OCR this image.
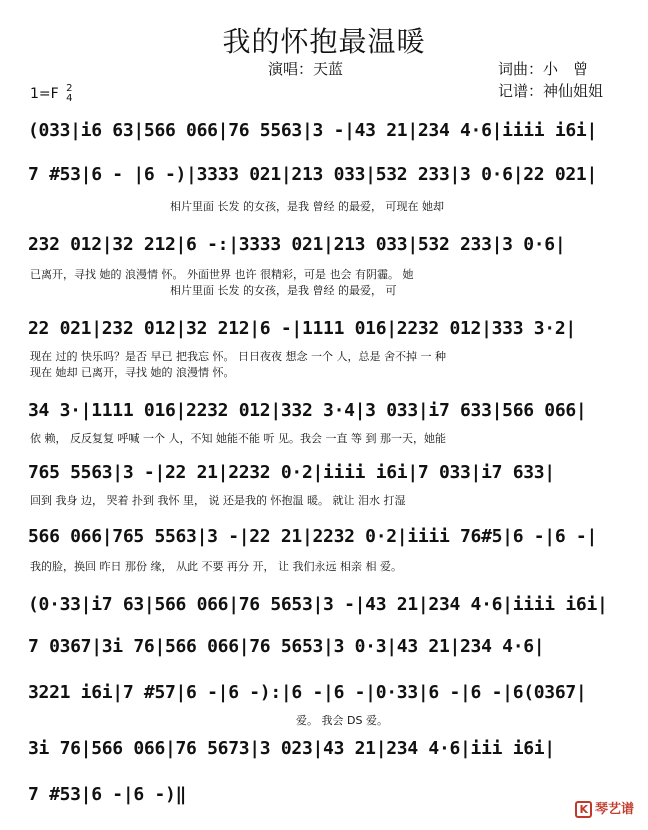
我的怀抱最温暖
演唱：天蓝	词曲：小　曾
记谱：神仙姐姐
1=F 2
4
(033|i6 63|566 066|76 5563|3 -|43 21|234 4·6|iiii i6i|
7 #53|6 - |6 -)|3333 021|213 033|532 233|3 0·6|22 021|
相片里面 长发 的女孩，是我 曾经 的最爱， 可现在 她却
232 012|32 212|6 -:|3333 021|213 033|532 233|3 0·6|
已离开，寻找 她的 浪漫情 怀。 外面世界 也许 很精彩，可是 也会 有阴霾。 她
相片里面 长发 的女孩，是我 曾经 的最爱， 可
22 021|232 012|32 212|6 -|1111 016|2232 012|333 3·2|
现在 过的 快乐吗？是否 早已 把我忘 怀。 日日夜夜 想念 一个 人，总是 舍不掉 一 种
现在 她却 已离开，寻找 她的 浪漫情 怀。
34 3·|1111 016|2232 012|332 3·4|3 033|i7 633|566 066|
依 赖， 反反复复 呼喊 一个 人，不知 她能不能 听 见。我会 一直 等 到 那一天，她能
765 5563|3 -|22 21|2232 0·2|iiii i6i|7 033|i7 633|
回到 我身 边， 哭着 扑到 我怀 里， 说 还是我的 怀抱温 暖。 就让 泪水 打湿
566 066|765 5563|3 -|22 21|2232 0·2|iiii 76#5|6 -|6 -|
我的脸，换回 昨日 那份 缘， 从此 不要 再分 开， 让 我们永远 相亲 相 爱。
(0·33|i7 63|566 066|76 5653|3 -|43 21|234 4·6|iiii i6i|
7 0367|3i 76|566 066|76 5653|3 0·3|43 21|234 4·6|
3221 i6i|7 #57|6 -|6 -):|6 -|6 -|0·33|6 -|6 -|6(0367|
爱。 我会 DS 爱。
3i 76|566 066|76 5673|3 023|43 21|234 4·6|iii i6i|
7 #53|6 -|6 -)‖
K 琴艺谱
